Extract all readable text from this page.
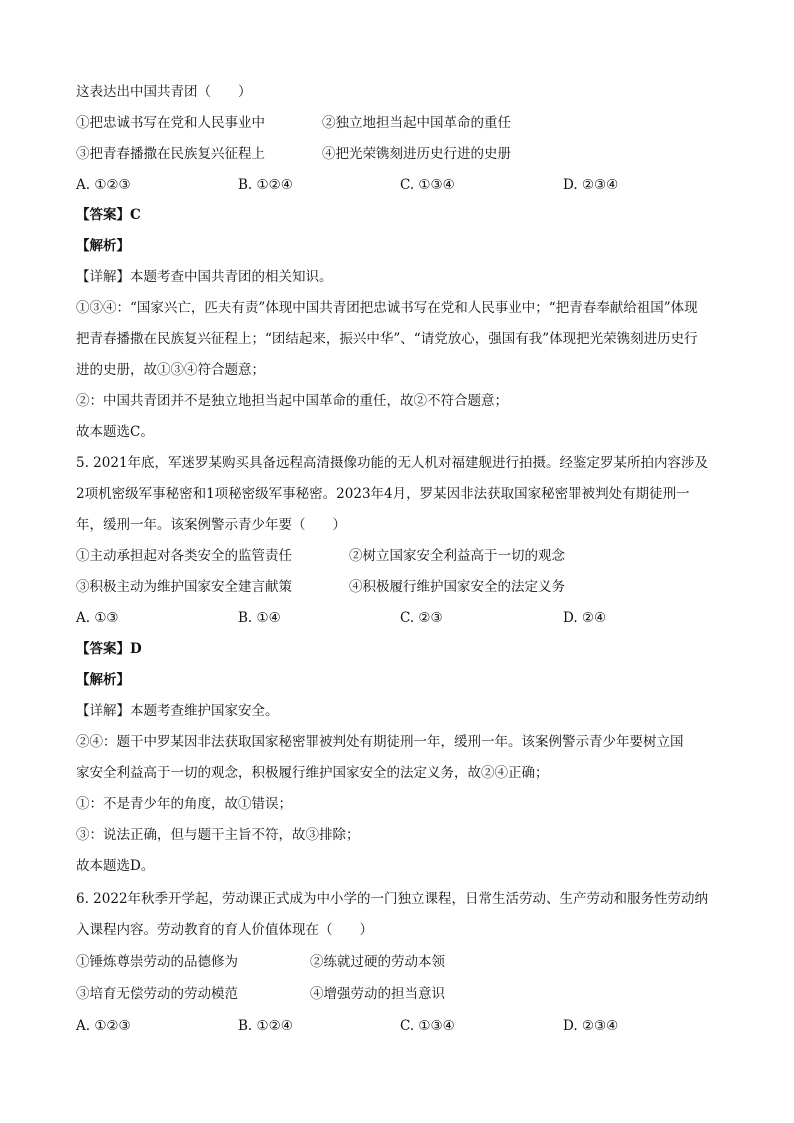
这表达出中国共青团（　　）
①把忠诚书写在党和人民事业中	②独立地担当起中国革命的重任
③把青春播撒在民族复兴征程上	④把光荣镌刻进历史行进的史册
A. ①②③	B. ①②④	C. ①③④	D. ②③④
【答案】C
【解析】
【详解】本题考查中国共青团的相关知识。
①③④：“国家兴亡，匹夫有责”体现中国共青团把忠诚书写在党和人民事业中；“把青春奉献给祖国”体现
把青春播撒在民族复兴征程上；“团结起来，振兴中华”、“请党放心，强国有我”体现把光荣镌刻进历史行
进的史册，故①③④符合题意；
②：中国共青团并不是独立地担当起中国革命的重任，故②不符合题意；
故本题选C。
5. 2021年底，军迷罗某购买具备远程高清摄像功能的无人机对福建舰进行拍摄。经鉴定罗某所拍内容涉及
2项机密级军事秘密和1项秘密级军事秘密。2023年4月，罗某因非法获取国家秘密罪被判处有期徒刑一
年，缓刑一年。该案例警示青少年要（　　）
①主动承担起对各类安全的监管责任	②树立国家安全利益高于一切的观念
③积极主动为维护国家安全建言献策	④积极履行维护国家安全的法定义务
A. ①③	B. ①④	C. ②③	D. ②④
【答案】D
【解析】
【详解】本题考查维护国家安全。
②④：题干中罗某因非法获取国家秘密罪被判处有期徒刑一年，缓刑一年。该案例警示青少年要树立国
家安全利益高于一切的观念，积极履行维护国家安全的法定义务，故②④正确；
①：不是青少年的角度，故①错误；
③：说法正确，但与题干主旨不符，故③排除；
故本题选D。
6. 2022年秋季开学起，劳动课正式成为中小学的一门独立课程，日常生活劳动、生产劳动和服务性劳动纳
入课程内容。劳动教育的育人价值体现在（　　）
①锤炼尊崇劳动的品德修为	②练就过硬的劳动本领
③培育无偿劳动的劳动模范	④增强劳动的担当意识
A. ①②③	B. ①②④	C. ①③④	D. ②③④
